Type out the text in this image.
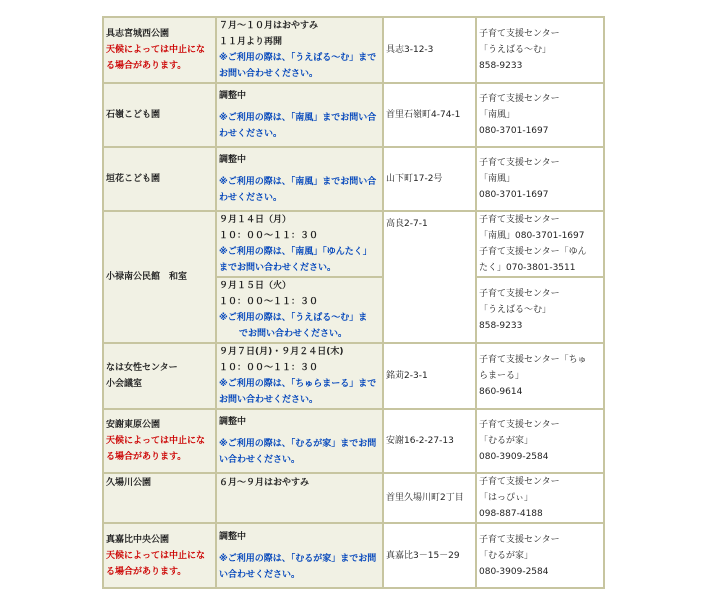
具志宮城西公園
天候によっては中止になる場合があります。	７月～１０月はおやすみ
１１月より再開
※ご利用の際は、「うえばる～む」までお問い合わせください。	具志3-12-3	子育て支援センター
「うえばる～む」
858-9233

石嶺こども園	調整中
※ご利用の際は、「南風」までお問い合わせください。	首里石嶺町4-74-1	子育て支援センター
「南風」
080-3701-1697

垣花こども園	調整中
※ご利用の際は、「南風」までお問い合わせください。	山下町17-2号	子育て支援センター
「南風」
080-3701-1697

小禄南公民館　和室	９月１４日（月）
１０：００～１１：３０
※ご利用の際は、「南風」「ゆんたく」までお問い合わせください。	高良2-7-1	子育て支援センター
「南風」080-3701-1697
子育て支援センター「ゆん
たく」070-3801-3511

	９月１５日（火）
１０：００～１１：３０
※ご利用の際は、「うえばる～む」ま
でお問い合わせください。		子育て支援センター
「うえばる～む」
858-9233

なは女性センター
小会議室	９月７日(月)・９月２４日(木)
１０：００～１１：３０
※ご利用の際は、「ちゅらまーる」までお問い合わせください。	銘苅2-3-1	子育て支援センター「ちゅ
らまーる」
860-9614

安謝東原公園
天候によっては中止になる場合があります。	調整中
※ご利用の際は、「むるが家」までお問い合わせください。	安謝16-2-27-13	子育て支援センター
「むるが家」
080-3909-2584

久場川公園	６月～９月はおやすみ	首里久場川町2丁目	子育て支援センター
「はっぴぃ」
098-887-4188

真嘉比中央公園
天候によっては中止になる場合があります。	調整中
※ご利用の際は、「むるが家」までお問い合わせください。	真嘉比3－15－29	子育て支援センター
「むるが家」
080-3909-2584
